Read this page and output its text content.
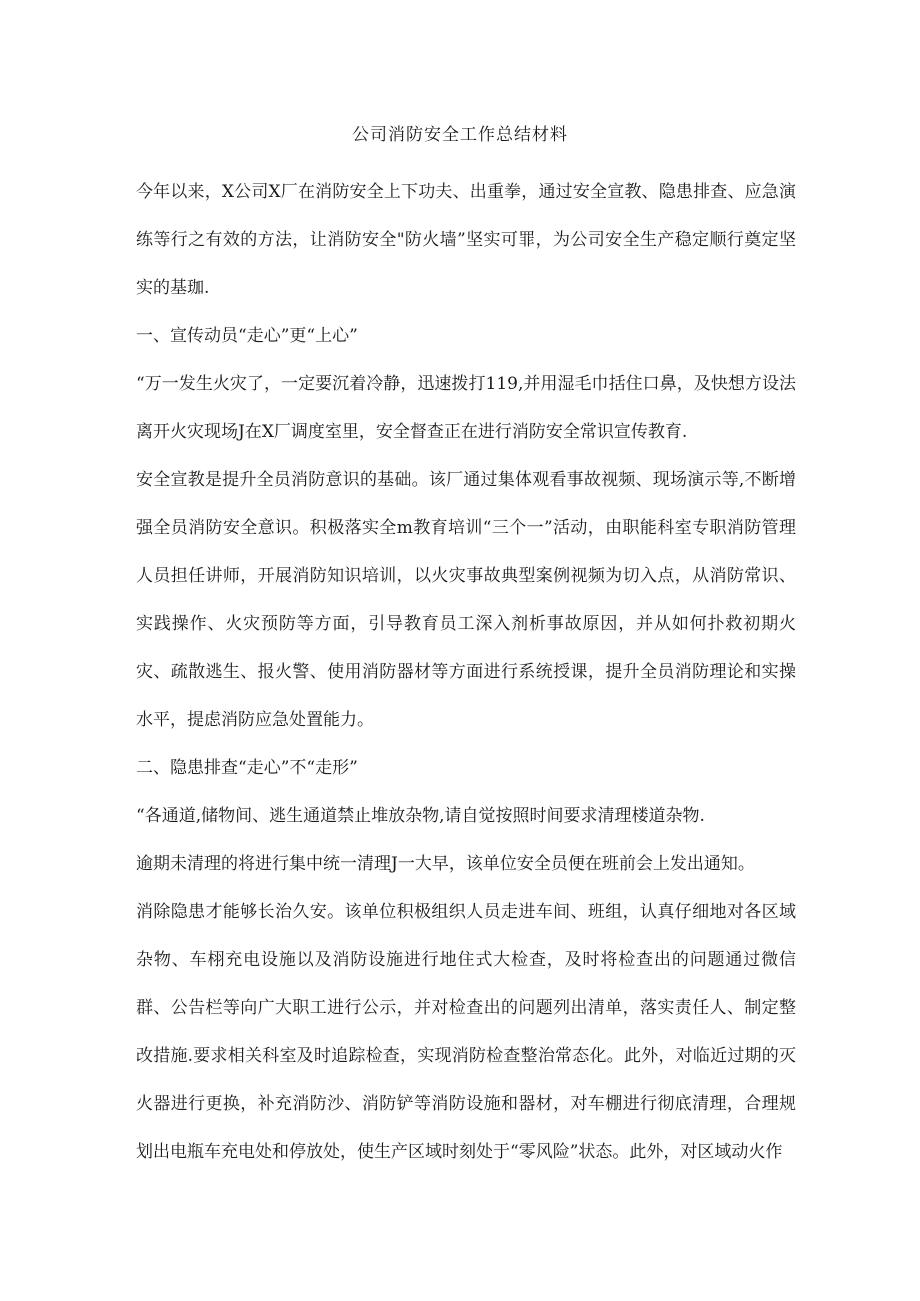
公司消防安全工作总结材料

今年以来，X公司X厂在消防安全上下功夫、出重拳，通过安全宣教、隐患排查、应急演练等行之有效的方法，让消防安全"防火墙”坚实可罪，为公司安全生产稳定顺行奠定坚实的基珈.

一、宣传动员“走心”更“上心”

“万一发生火灾了，一定要沉着冷静，迅速拨打119,并用湿毛巾括住口鼻，及快想方设法离开火灾现场J在X厂调度室里，安全督查正在进行消防安全常识宣传教育.

安全宣教是提升全员消防意识的基础。该厂通过集体观看事故视频、现场演示等,不断增强全员消防安全意识。积极落实全m教育培训“三个一”活动，由职能科室专职消防管理人员担任讲师，开展消防知识培训，以火灾事故典型案例视频为切入点，从消防常识、实践操作、火灾预防等方面，引导教育员工深入剂析事故原因，并从如何扑救初期火灾、疏散逃生、报火警、使用消防器材等方面进行系统授课，提升全员消防理论和实操水平，提虑消防应急处置能力。

二、隐患排查“走心”不“走形”

“各通道,储物间、逃生通道禁止堆放杂物,请自觉按照时间要求清理楼道杂物.

逾期未清理的将进行集中统一清理J一大早，该单位安全员便在班前会上发出通知。

消除隐患才能够长治久安。该单位积极组织人员走进车间、班组，认真仔细地对各区域杂物、车栩充电设施以及消防设施进行地住式大检查，及时将检查出的问题通过微信群、公告栏等向广大职工进行公示，并对检查出的问题列出清单，落实责任人、制定整改措施.要求相关科室及时追踪检查，实现消防检查整治常态化。此外，对临近过期的灭火器进行更换，补充消防沙、消防铲等消防设施和器材，对车棚进行彻底清理，合理规划出电瓶车充电处和停放处，使生产区域时刻处于“零风险”状态。此外，对区域动火作
